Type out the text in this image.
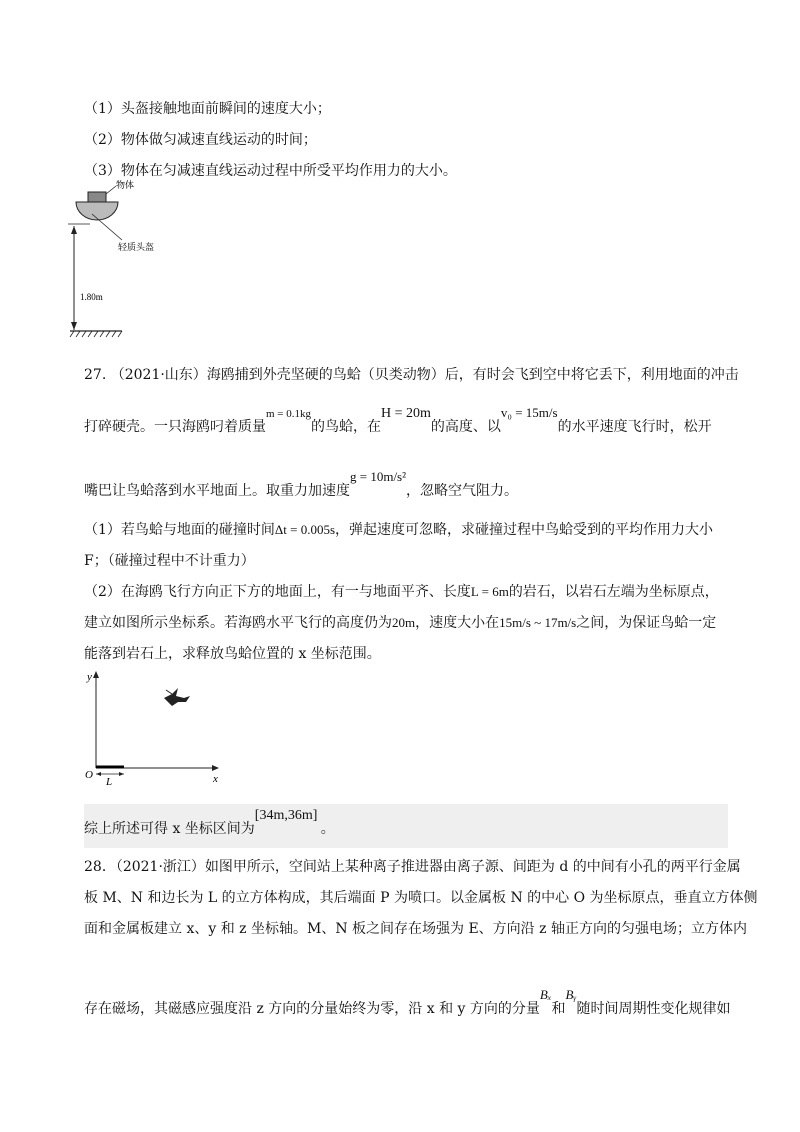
（1）头盔接触地面前瞬间的速度大小；
（2）物体做匀减速直线运动的时间；
（3）物体在匀减速直线运动过程中所受平均作用力的大小。
物体
轻质头盔
1.80m
27. （2021·山东）海鸥捕到外壳坚硬的鸟蛤（贝类动物）后，有时会飞到空中将它丢下，利用地面的冲击
打碎硬壳。一只海鸥叼着质量m = 0.1kg的鸟蛤，在H = 20m的高度、以v₀ = 15m/s的水平速度飞行时，松开
嘴巴让鸟蛤落到水平地面上。取重力加速度g = 10m/s²，忽略空气阻力。
（1）若鸟蛤与地面的碰撞时间Δt = 0.005s，弹起速度可忽略，求碰撞过程中鸟蛤受到的平均作用力大小
F；（碰撞过程中不计重力）
（2）在海鸥飞行方向正下方的地面上，有一与地面平齐、长度L = 6m的岩石，以岩石左端为坐标原点，
建立如图所示坐标系。若海鸥水平飞行的高度仍为20m，速度大小在15m/s ~ 17m/s之间，为保证鸟蛤一定
能落到岩石上，求释放鸟蛤位置的 x 坐标范围。
y
x
O
L
综上所述可得 x 坐标区间为[34m,36m]。
28．（2021·浙江）如图甲所示，空间站上某种离子推进器由离子源、间距为 d 的中间有小孔的两平行金属
板 M、N 和边长为 L 的立方体构成，其后端面 P 为喷口。以金属板 N 的中心 O 为坐标原点，垂直立方体侧
面和金属板建立 x、y 和 z 坐标轴。M、N 板之间存在场强为 E、方向沿 z 轴正方向的匀强电场；立方体内
存在磁场，其磁感应强度沿 z 方向的分量始终为零，沿 x 和 y 方向的分量Bₓ和Bᵧ随时间周期性变化规律如
